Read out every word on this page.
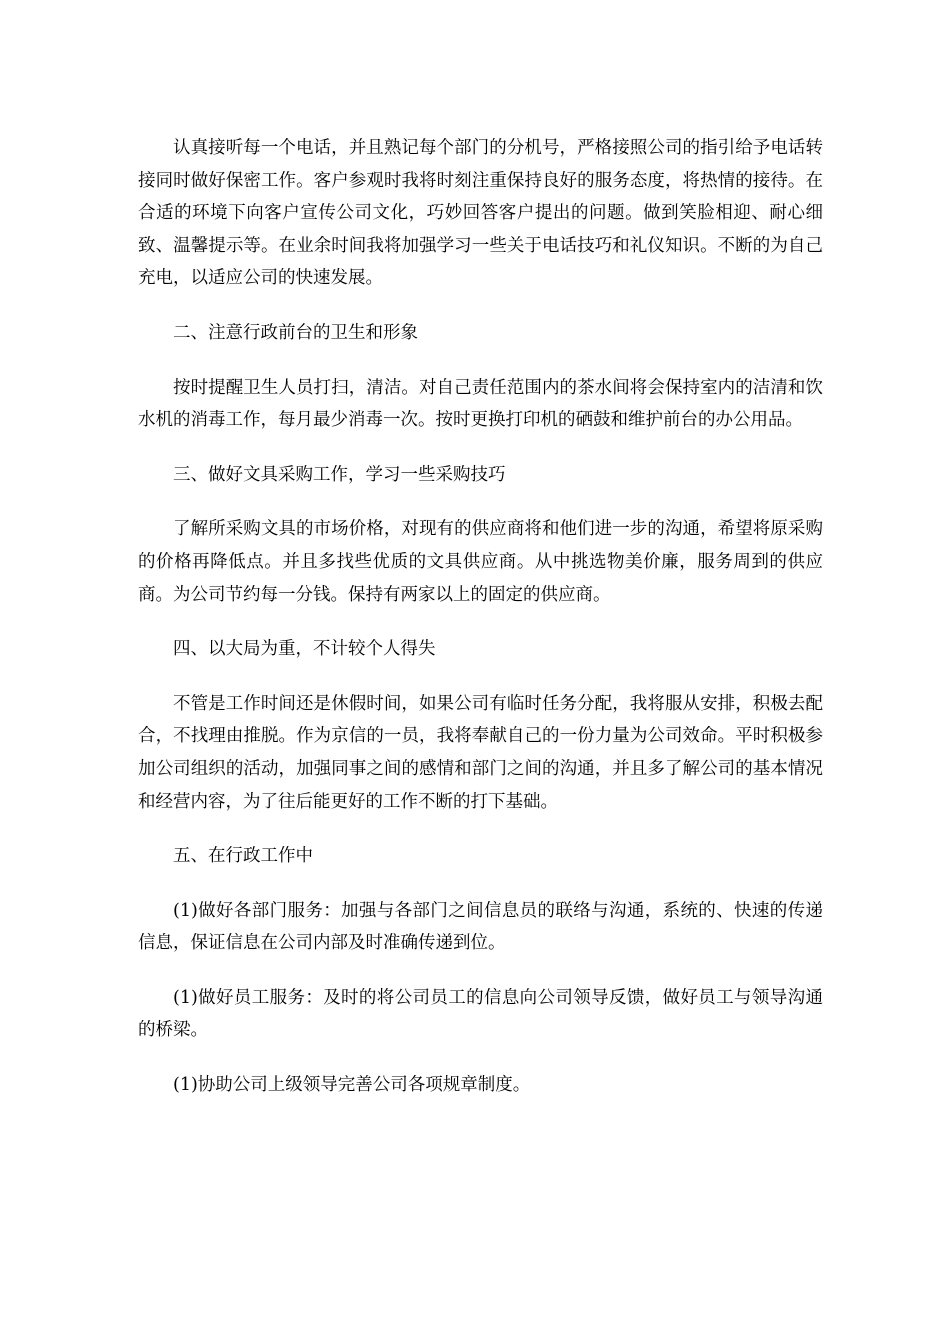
认真接听每一个电话，并且熟记每个部门的分机号，严格接照公司的指引给予电话转接同时做好保密工作。客户参观时我将时刻注重保持良好的服务态度，将热情的接待。在合适的环境下向客户宣传公司文化，巧妙回答客户提出的问题。做到笑脸相迎、耐心细致、温馨提示等。在业余时间我将加强学习一些关于电话技巧和礼仪知识。不断的为自己充电，以适应公司的快速发展。

二、注意行政前台的卫生和形象

按时提醒卫生人员打扫，清洁。对自己责任范围内的茶水间将会保持室内的洁清和饮水机的消毒工作，每月最少消毒一次。按时更换打印机的硒鼓和维护前台的办公用品。

三、做好文具采购工作，学习一些采购技巧

了解所采购文具的市场价格，对现有的供应商将和他们进一步的沟通，希望将原采购的价格再降低点。并且多找些优质的文具供应商。从中挑选物美价廉，服务周到的供应商。为公司节约每一分钱。保持有两家以上的固定的供应商。

四、以大局为重，不计较个人得失

不管是工作时间还是休假时间，如果公司有临时任务分配，我将服从安排，积极去配合，不找理由推脱。作为京信的一员，我将奉献自己的一份力量为公司效命。平时积极参加公司组织的活动，加强同事之间的感情和部门之间的沟通，并且多了解公司的基本情况和经营内容，为了往后能更好的工作不断的打下基础。

五、在行政工作中

(1)做好各部门服务：加强与各部门之间信息员的联络与沟通，系统的、快速的传递信息，保证信息在公司内部及时准确传递到位。

(1)做好员工服务：及时的将公司员工的信息向公司领导反馈，做好员工与领导沟通的桥梁。

(1)协助公司上级领导完善公司各项规章制度。
